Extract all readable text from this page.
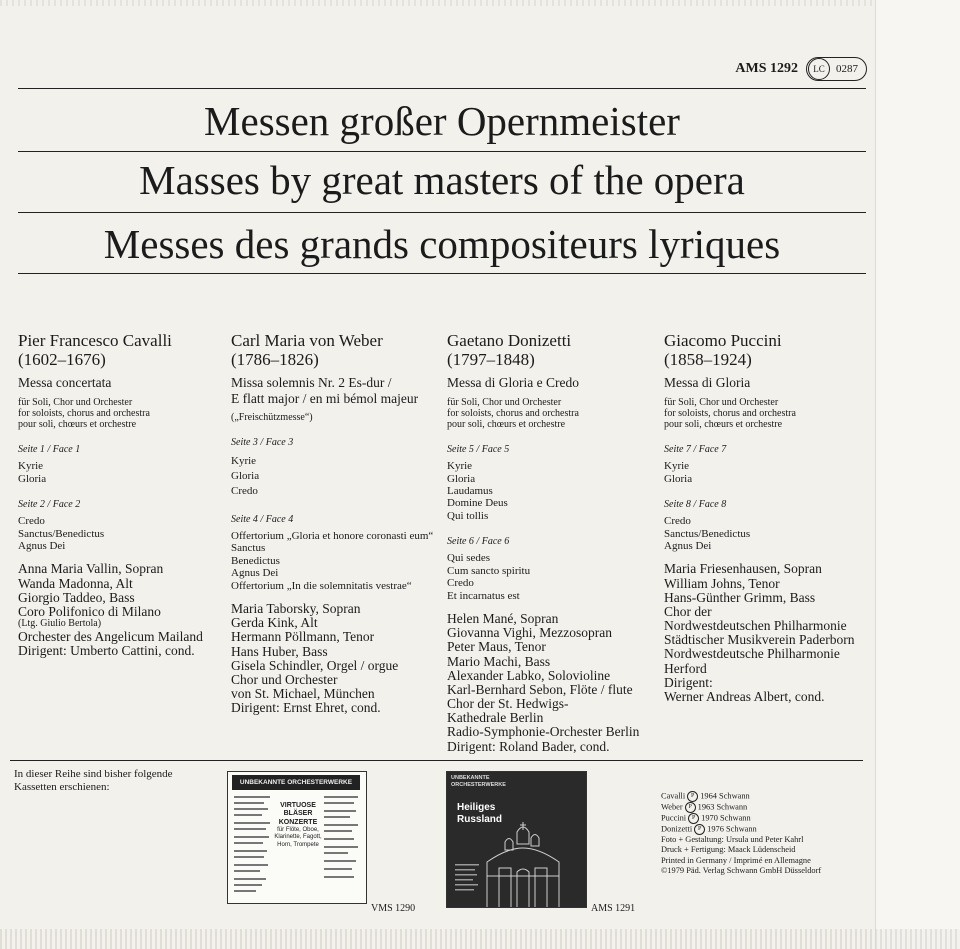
AMS 1292	LC	0287
Messen großer Opernmeister
Masses by great masters of the opera
Messes des grands compositeurs lyriques
Pier Francesco Cavalli
(1602–1676)
Messa concertata
für Soli, Chor und Orchester
for soloists, chorus and orchestra
pour soli, chœurs et orchestre
Seite 1 / Face 1
Kyrie
Gloria
Seite 2 / Face 2
Credo
Sanctus/Benedictus
Agnus Dei
Anna Maria Vallin, Sopran
Wanda Madonna, Alt
Giorgio Taddeo, Bass
Coro Polifonico di Milano
(Ltg. Giulio Bertola)
Orchester des Angelicum Mailand
Dirigent: Umberto Cattini, cond.
Carl Maria von Weber
(1786–1826)
Missa solemnis Nr. 2 Es-dur /
E flatt major / en mi bémol majeur
(„Freischützmesse“)
Seite 3 / Face 3
Kyrie
Gloria
Credo
Seite 4 / Face 4
Offertorium „Gloria et honore coronasti eum“
Sanctus
Benedictus
Agnus Dei
Offertorium „In die solemnitatis vestrae“
Maria Taborsky, Sopran
Gerda Kink, Alt
Hermann Pöllmann, Tenor
Hans Huber, Bass
Gisela Schindler, Orgel / orgue
Chor und Orchester
von St. Michael, München
Dirigent: Ernst Ehret, cond.
Gaetano Donizetti
(1797–1848)
Messa di Gloria e Credo
für Soli, Chor und Orchester
for soloists, chorus and orchestra
pour soli, chœurs et orchestre
Seite 5 / Face 5
Kyrie
Gloria
Laudamus
Domine Deus
Qui tollis
Seite 6 / Face 6
Qui sedes
Cum sancto spiritu
Credo
Et incarnatus est
Helen Mané, Sopran
Giovanna Vighi, Mezzosopran
Peter Maus, Tenor
Mario Machi, Bass
Alexander Labko, Solovioline
Karl-Bernhard Sebon, Flöte / flute
Chor der St. Hedwigs-
Kathedrale Berlin
Radio-Symphonie-Orchester Berlin
Dirigent: Roland Bader, cond.
Giacomo Puccini
(1858–1924)
Messa di Gloria
für Soli, Chor und Orchester
for soloists, chorus and orchestra
pour soli, chœurs et orchestre
Seite 7 / Face 7
Kyrie
Gloria
Seite 8 / Face 8
Credo
Sanctus/Benedictus
Agnus Dei
Maria Friesenhausen, Sopran
William Johns, Tenor
Hans-Günther Grimm, Bass
Chor der
Nordwestdeutschen Philharmonie
Städtischer Musikverein Paderborn
Nordwestdeutsche Philharmonie
Herford
Dirigent:
Werner Andreas Albert, cond.
In dieser Reihe sind bisher folgende
Kassetten erschienen:	UNBEKANNTE ORCHESTERWERKE
VIRTUOSE
BLÄSER
KONZERTE
für Flöte, Oboe,
Klarinette, Fagott,
Horn, Trompete
VMS 1290
UNBEKANNTE ORCHESTERWERKE
Heiliges
Russland
AMS 1291
Cavalli P 1964 Schwann
Weber P 1963 Schwann
Puccini P 1970 Schwann
Donizetti P 1976 Schwann
Foto + Gestaltung: Ursula und Peter Kahrl
Druck + Fertigung: Maack Lüdenscheid
Printed in Germany / Imprimé en Allemagne
©1979 Päd. Verlag Schwann GmbH Düsseldorf
